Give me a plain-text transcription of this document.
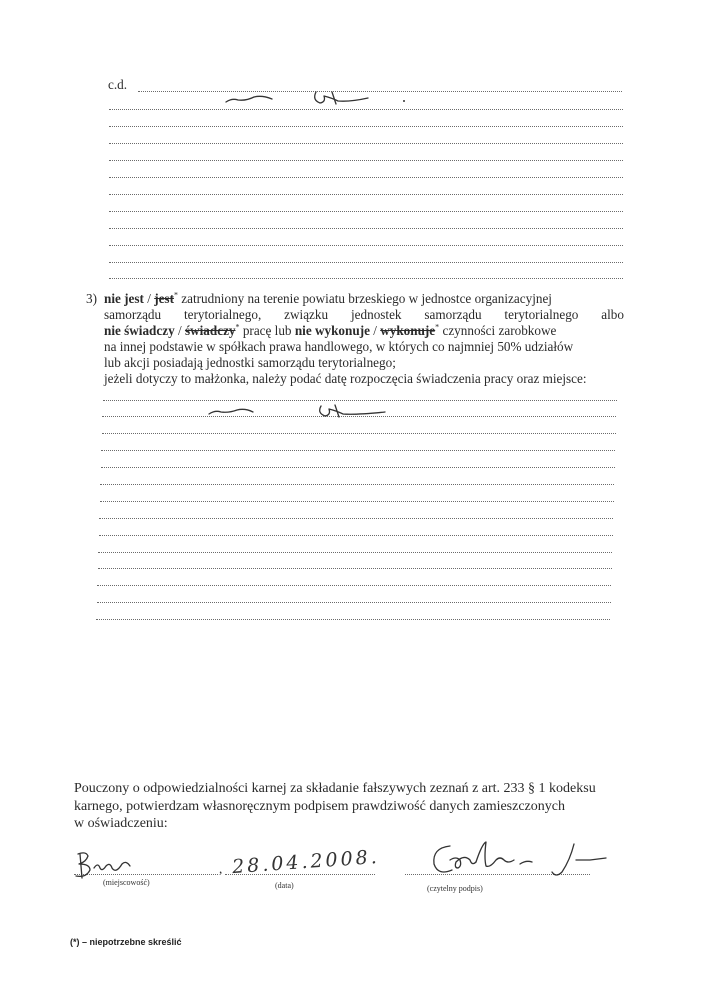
c.d.
3) nie jest / jest* zatrudniony na terenie powiatu brzeskiego w jednostce organizacyjnej
samorządu terytorialnego, związku jednostek samorządu terytorialnego albo
nie świadczy / świadczy* pracę lub nie wykonuje / wykonuje* czynności zarobkowe
na innej podstawie w spółkach prawa handlowego, w których co najmniej 50% udziałów
lub akcji posiadają jednostki samorządu terytorialnego;
jeżeli dotyczy to małżonka, należy podać datę rozpoczęcia świadczenia pracy oraz miejsce:
Pouczony o odpowiedzialności karnej za składanie fałszywych zeznań z art. 233 § 1 kodeksu
karnego, potwierdzam własnoręcznym podpisem prawdziwość danych zamieszczonych
w oświadczeniu:
,
(miejscowość)	(data)	(czytelny podpis)
28.04.2008.
(*) – niepotrzebne skreślić
